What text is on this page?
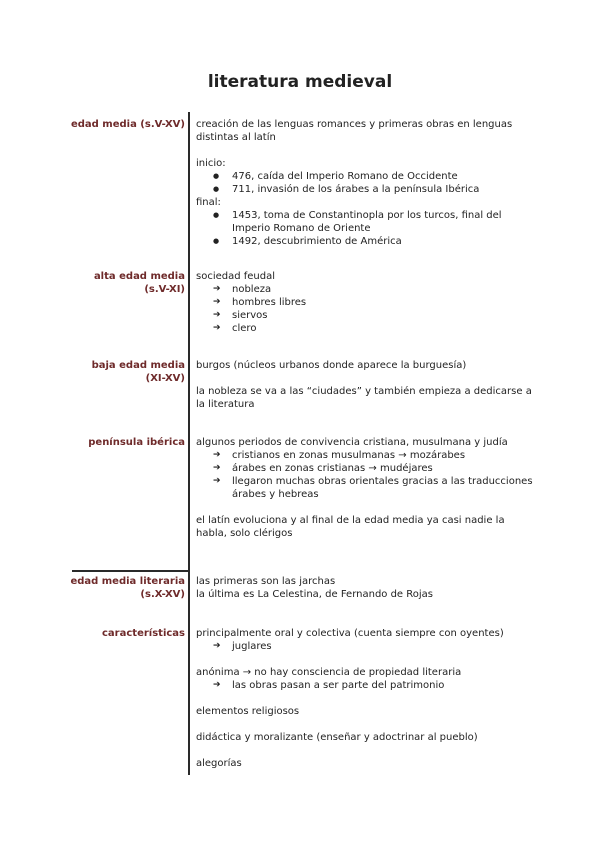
literatura medieval
edad media (s.V-XV) creación de las lenguas romances y primeras obras en lenguas distintas al latín

inicio:

● 476, caída del Imperio Romano de Occidente
● 711, invasión de los árabes a la península Ibérica

final:

● 1453, toma de Constantinopla por los turcos, final del Imperio Romano de Oriente
● 1492, descubrimiento de América
alta edad media
(s.V-XI)

sociedad feudal

➔ nobleza
➔ hombres libres
➔ siervos
➔ clero
baja edad media
(XI-XV)

burgos (núcleos urbanos donde aparece la burguesía)

la nobleza se va a las “ciudades” y también empieza a dedicarse a la literatura

península ibérica algunos periodos de convivencia cristiana, musulmana y judía

➔ cristianos en zonas musulmanas → mozárabes
➔ árabes en zonas cristianas → mudéjares
➔ llegaron muchas obras orientales gracias a las traducciones árabes y hebreas

el latín evoluciona y al final de la edad media ya casi nadie la habla, solo clérigos

edad media literaria
(s.X-XV)

las primeras son las jarchas

la última es La Celestina, de Fernando de Rojas

características principalmente oral y colectiva (cuenta siempre con oyentes)

➔ juglares

anónima → no hay consciencia de propiedad literaria

➔ las obras pasan a ser parte del patrimonio

elementos religiosos

didáctica y moralizante (enseñar y adoctrinar al pueblo)

alegorías
